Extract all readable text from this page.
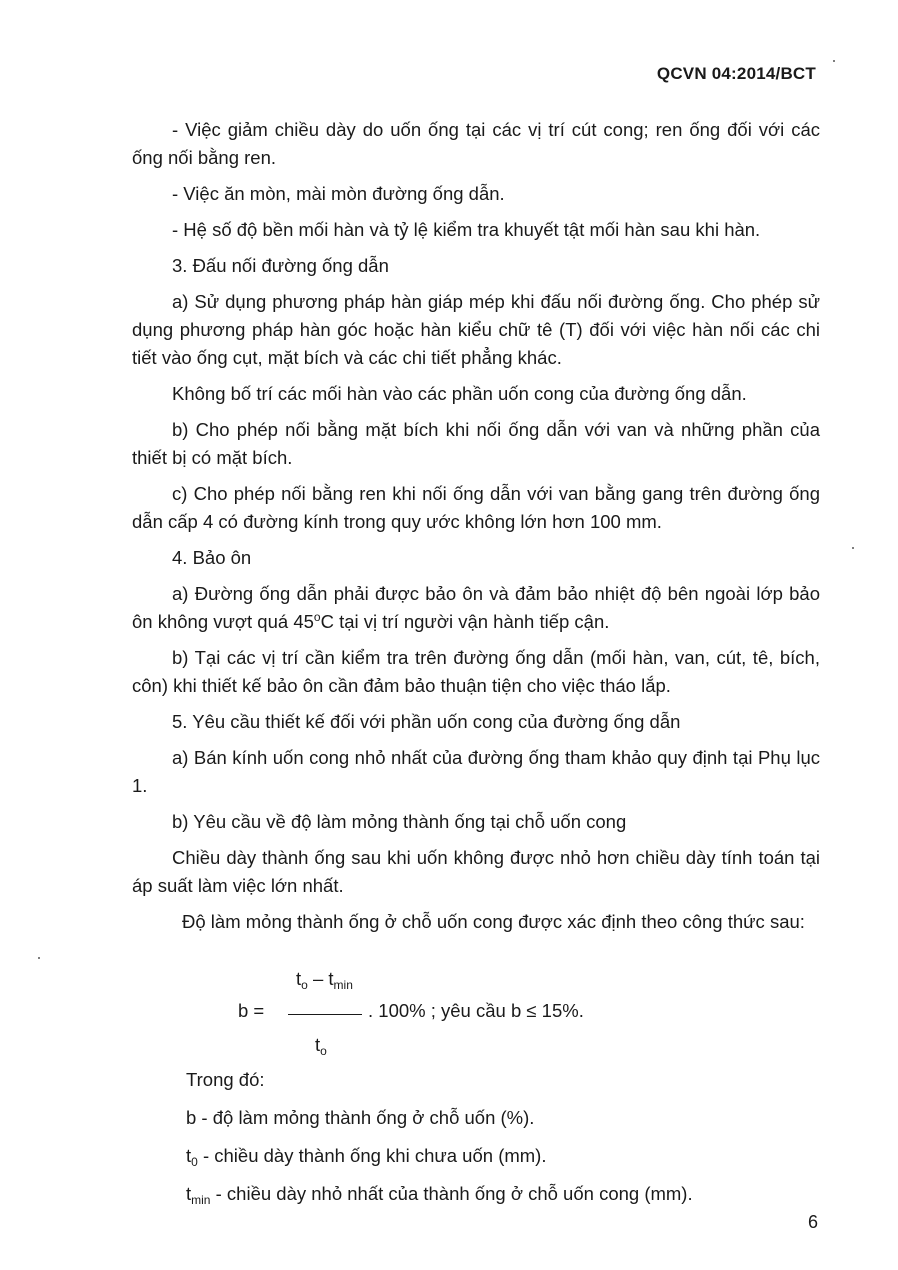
QCVN 04:2014/BCT

- Việc giảm chiều dày do uốn ống tại các vị trí cút cong; ren ống đối với các ống nối bằng ren.

- Việc ăn mòn, mài mòn đường ống dẫn.

- Hệ số độ bền mối hàn và tỷ lệ kiểm tra khuyết tật mối hàn sau khi hàn.

3. Đấu nối đường ống dẫn

a) Sử dụng phương pháp hàn giáp mép khi đấu nối đường ống. Cho phép sử dụng phương pháp hàn góc hoặc hàn kiểu chữ tê (T) đối với việc hàn nối các chi tiết vào ống cụt, mặt bích và các chi tiết phẳng khác.

Không bố trí các mối hàn vào các phần uốn cong của đường ống dẫn.

b) Cho phép nối bằng mặt bích khi nối ống dẫn với van và những phần của thiết bị có mặt bích.

c) Cho phép nối bằng ren khi nối ống dẫn với van bằng gang trên đường ống dẫn cấp 4 có đường kính trong quy ước không lớn hơn 100 mm.

4. Bảo ôn

a) Đường ống dẫn phải được bảo ôn và đảm bảo nhiệt độ bên ngoài lớp bảo ôn không vượt quá 45$^o$C tại vị trí người vận hành tiếp cận.

b) Tại các vị trí cần kiểm tra trên đường ống dẫn (mối hàn, van, cút, tê, bích, côn) khi thiết kế bảo ôn cần đảm bảo thuận tiện cho việc tháo lắp.

5. Yêu cầu thiết kế đối với phần uốn cong của đường ống dẫn

a) Bán kính uốn cong nhỏ nhất của đường ống tham khảo quy định tại Phụ lục 1.

b) Yêu cầu về độ làm mỏng thành ống tại chỗ uốn cong

Chiều dày thành ống sau khi uốn không được nhỏ hơn chiều dày tính toán tại áp suất làm việc lớn nhất.

Độ làm mỏng thành ống ở chỗ uốn cong được xác định theo công thức sau:

$t_o - t_{min}$
b =	. 100% ; yêu cầu b ≤ 15%.
$t_o$

Trong đó:

b - độ làm mỏng thành ống ở chỗ uốn (%).

$t_0$ - chiều dày thành ống khi chưa uốn (mm).

$t_{min}$ - chiều dày nhỏ nhất của thành ống ở chỗ uốn cong (mm).

6
